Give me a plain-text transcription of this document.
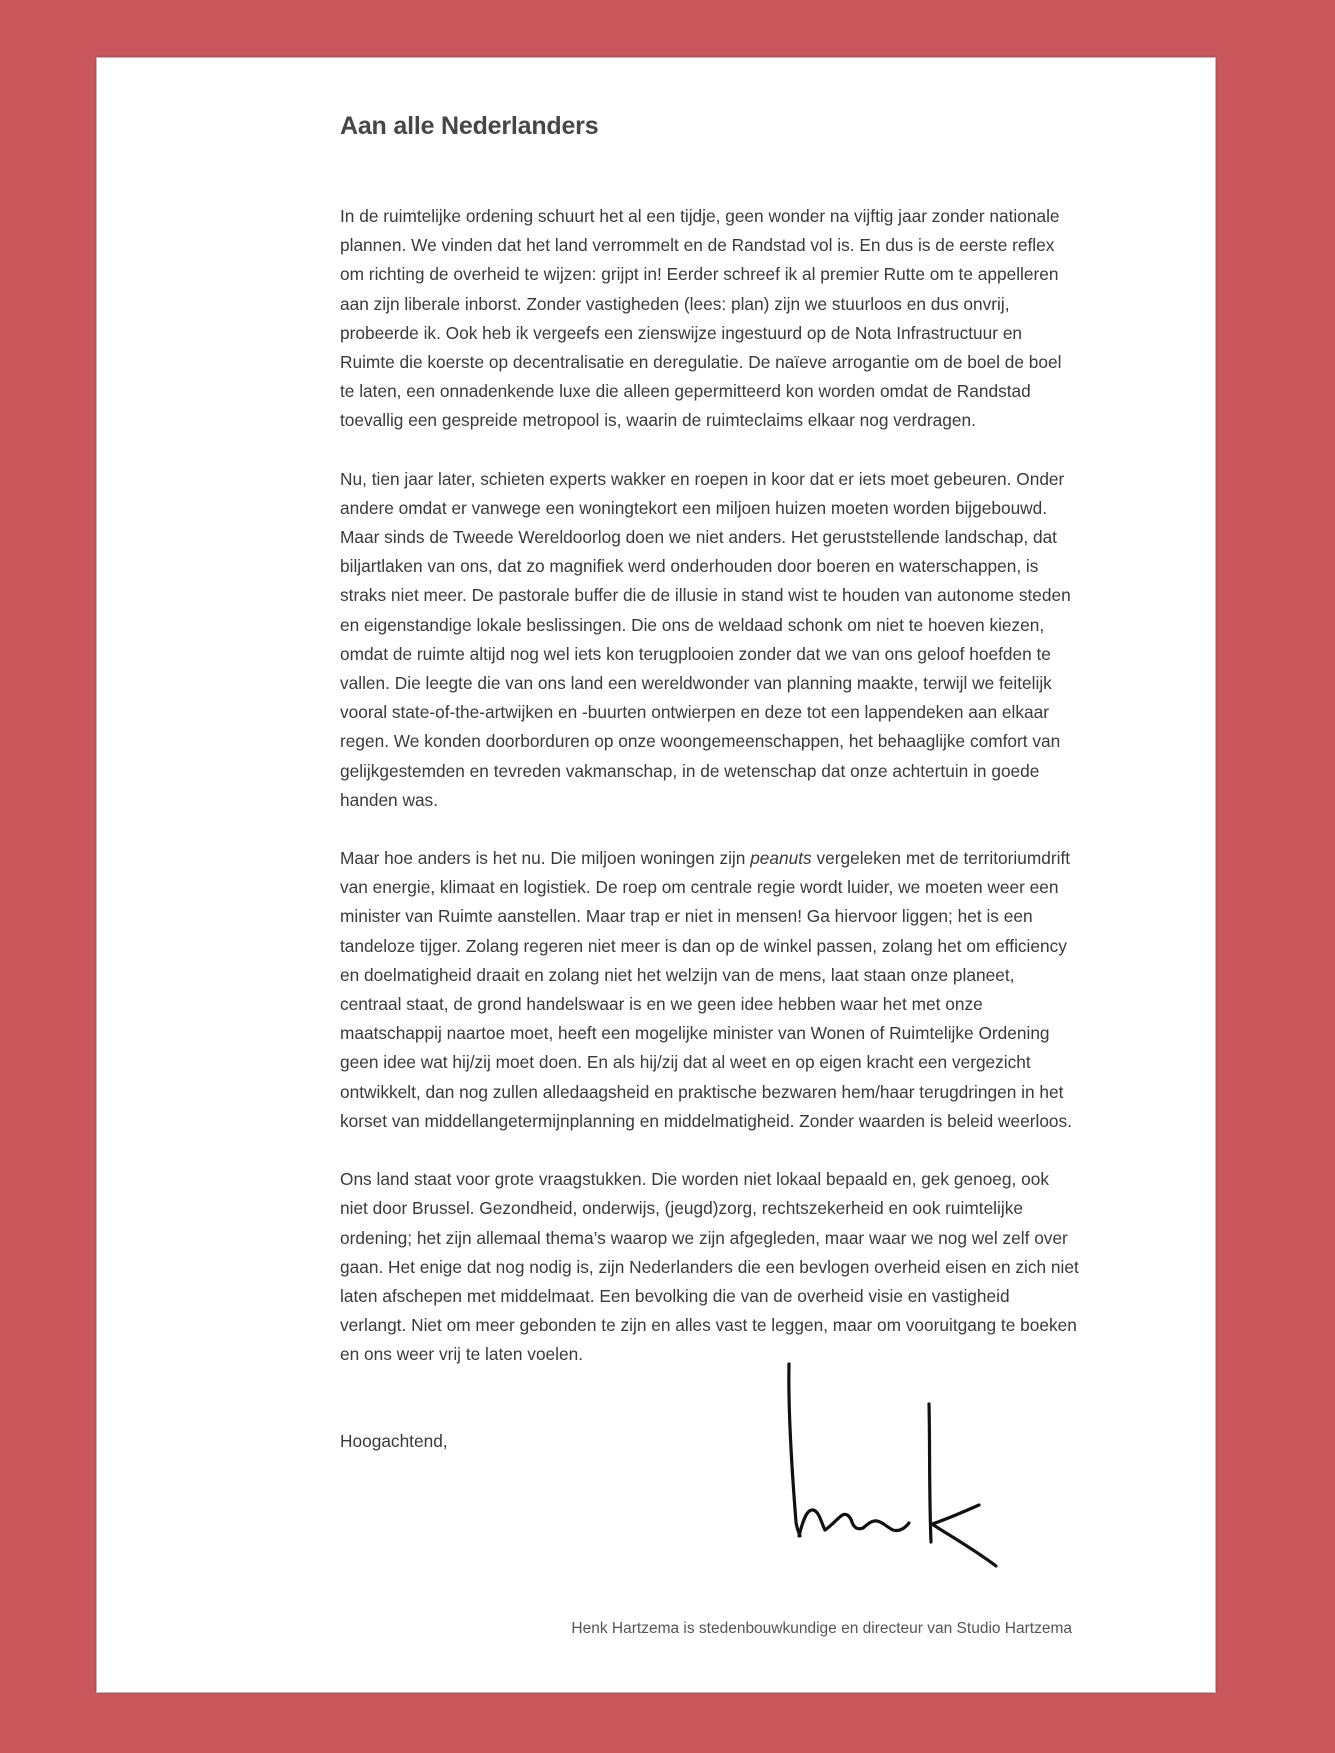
Aan alle Nederlanders

In de ruimtelijke ordening schuurt het al een tijdje, geen wonder na vijftig jaar zonder nationale plannen. We vinden dat het land verrommelt en de Randstad vol is. En dus is de eerste reflex om richting de overheid te wijzen: grijpt in! Eerder schreef ik al premier Rutte om te appelleren aan zijn liberale inborst. Zonder vastigheden (lees: plan) zijn we stuurloos en dus onvrij, probeerde ik. Ook heb ik vergeefs een zienswijze ingestuurd op de Nota Infrastructuur en Ruimte die koerste op decentralisatie en deregulatie. De naïeve arrogantie om de boel de boel te laten, een onnadenkende luxe die alleen gepermitteerd kon worden omdat de Randstad toevallig een gespreide metropool is, waarin de ruimteclaims elkaar nog verdragen.

Nu, tien jaar later, schieten experts wakker en roepen in koor dat er iets moet gebeuren. Onder andere omdat er vanwege een woningtekort een miljoen huizen moeten worden bijgebouwd. Maar sinds de Tweede Wereldoorlog doen we niet anders. Het geruststellende landschap, dat biljartlaken van ons, dat zo magnifiek werd onderhouden door boeren en waterschappen, is straks niet meer. De pastorale buffer die de illusie in stand wist te houden van autonome steden en eigenstandige lokale beslissingen. Die ons de weldaad schonk om niet te hoeven kiezen, omdat de ruimte altijd nog wel iets kon terugplooien zonder dat we van ons geloof hoefden te vallen. Die leegte die van ons land een wereldwonder van planning maakte, terwijl we feitelijk vooral state-of-the-artwijken en -buurten ontwierpen en deze tot een lappendeken aan elkaar regen. We konden doorborduren op onze woongemeenschappen, het behaaglijke comfort van gelijkgestemden en tevreden vakmanschap, in de wetenschap dat onze achtertuin in goede handen was.

Maar hoe anders is het nu. Die miljoen woningen zijn peanuts vergeleken met de territoriumdrift van energie, klimaat en logistiek. De roep om centrale regie wordt luider, we moeten weer een minister van Ruimte aanstellen. Maar trap er niet in mensen! Ga hiervoor liggen; het is een tandeloze tijger. Zolang regeren niet meer is dan op de winkel passen, zolang het om efficiency en doelmatigheid draait en zolang niet het welzijn van de mens, laat staan onze planeet, centraal staat, de grond handelswaar is en we geen idee hebben waar het met onze maatschappij naartoe moet, heeft een mogelijke minister van Wonen of Ruimtelijke Ordening geen idee wat hij/zij moet doen. En als hij/zij dat al weet en op eigen kracht een vergezicht ontwikkelt, dan nog zullen alledaagsheid en praktische bezwaren hem/haar terugdringen in het korset van middellangetermijnplanning en middelmatigheid. Zonder waarden is beleid weerloos.

Ons land staat voor grote vraagstukken. Die worden niet lokaal bepaald en, gek genoeg, ook niet door Brussel. Gezondheid, onderwijs, (jeugd)zorg, rechtszekerheid en ook ruimtelijke ordening; het zijn allemaal thema’s waarop we zijn afgegleden, maar waar we nog wel zelf over gaan. Het enige dat nog nodig is, zijn Nederlanders die een bevlogen overheid eisen en zich niet laten afschepen met middelmaat. Een bevolking die van de overheid visie en vastigheid verlangt. Niet om meer gebonden te zijn en alles vast te leggen, maar om vooruitgang te boeken en ons weer vrij te laten voelen.

Hoogachtend,

Henk Hartzema is stedenbouwkundige en directeur van Studio Hartzema
